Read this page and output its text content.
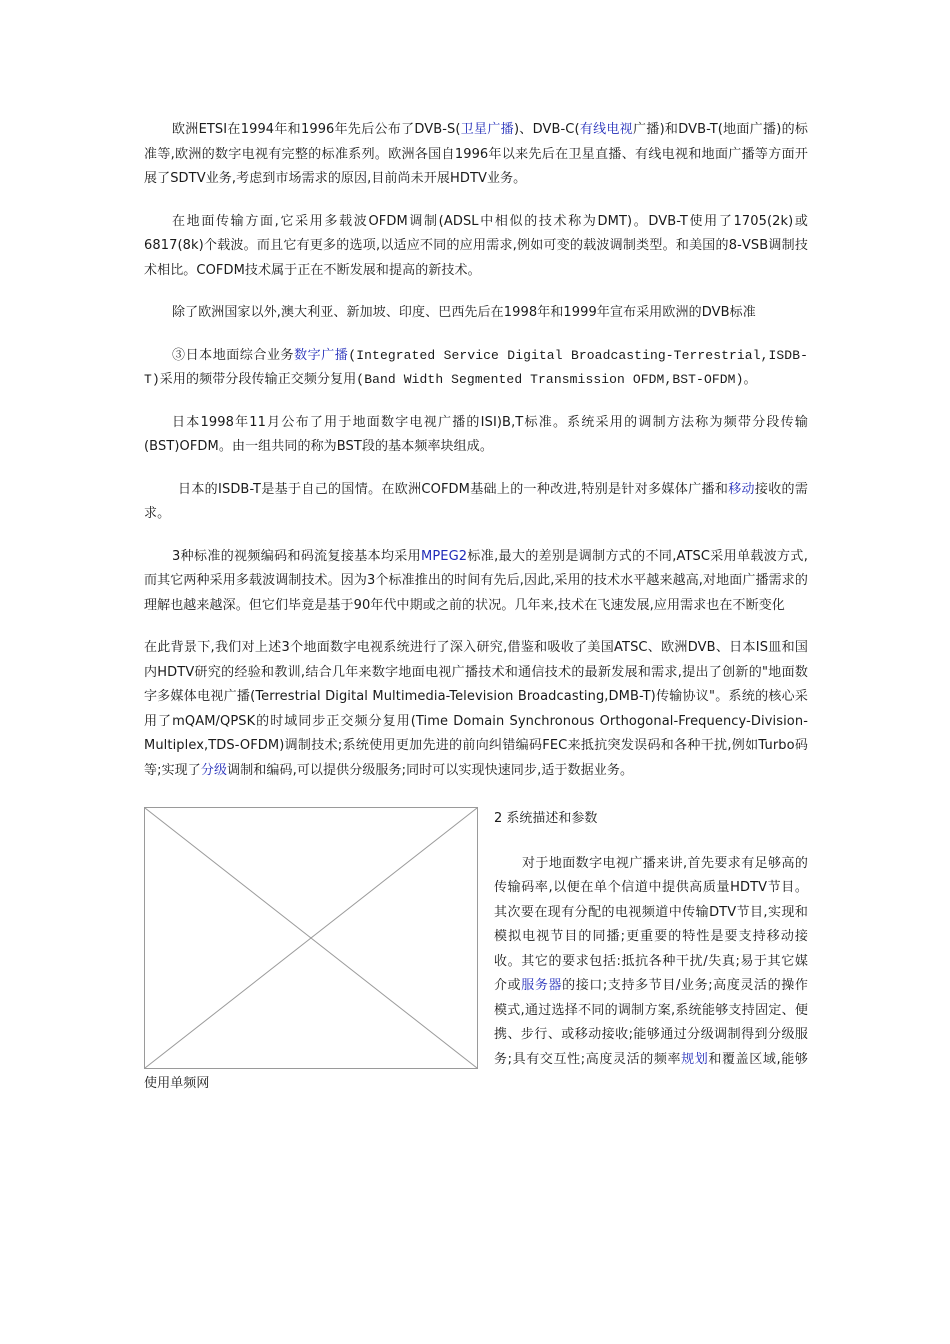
欧洲ETSI在1994年和1996年先后公布了DVB-S(卫星广播)、DVB-C(有线电视广播)和DVB-T(地面广播)的标准等,欧洲的数字电视有完整的标准系列。欧洲各国自1996年以来先后在卫星直播、有线电视和地面广播等方面开展了SDTV业务,考虑到市场需求的原因,目前尚未开展HDTV业务。

在地面传输方面,它采用多载波OFDM调制(ADSL中相似的技术称为DMT)。DVB-T使用了1705(2k)或6817(8k)个载波。而且它有更多的选项,以适应不同的应用需求,例如可变的载波调制类型。和美国的8-VSB调制技术相比。COFDM技术属于正在不断发展和提高的新技术。

除了欧洲国家以外,澳大利亚、新加坡、印度、巴西先后在1998年和1999年宣布采用欧洲的DVB标准

③日本地面综合业务数字广播(Integrated Service Digital Broadcasting-Terrestrial,ISDB-T)采用的频带分段传输正交频分复用(Band Width Segmented Transmission OFDM,BST-OFDM)。

日本1998年11月公布了用于地面数字电视广播的ISI)B,T标准。系统采用的调制方法称为频带分段传输(BST)OFDM。由一组共同的称为BST段的基本频率块组成。

日本的ISDB-T是基于自己的国情。在欧洲COFDM基础上的一种改进,特别是针对多媒体广播和移动接收的需求。

3种标准的视频编码和码流复接基本均采用MPEG2标准,最大的差别是调制方式的不同,ATSC采用单载波方式,而其它两种采用多载波调制技术。因为3个标准推出的时间有先后,因此,采用的技术水平越来越高,对地面广播需求的理解也越来越深。但它们毕竟是基于90年代中期或之前的状况。几年来,技术在飞速发展,应用需求也在不断变化

在此背景下,我们对上述3个地面数字电视系统进行了深入研究,借鉴和吸收了美国ATSC、欧洲DVB、日本IS皿和国内HDTV研究的经验和教训,结合几年来数字地面电视广播技术和通信技术的最新发展和需求,提出了创新的"地面数字多媒体电视广播(Terrestrial Digital Multimedia-Television Broadcasting,DMB-T)传输协议"。系统的核心采用了mQAM/QPSK的时域同步正交频分复用(Time Domain Synchronous Orthogonal-Frequency-Division-Multiplex,TDS-OFDM)调制技术;系统使用更加先进的前向纠错编码FEC来抵抗突发误码和各种干扰,例如Turbo码等;实现了分级调制和编码,可以提供分级服务;同时可以实现快速同步,适于数据业务。

2 系统描述和参数

对于地面数字电视广播来讲,首先要求有足够高的传输码率,以便在单个信道中提供高质量HDTV节目。其次要在现有分配的电视频道中传输DTV节目,实现和模拟电视节目的同播;更重要的特性是要支持移动接收。其它的要求包括:抵抗各种干扰/失真;易于其它媒介或服务器的接口;支持多节目/业务;高度灵活的操作模式,通过选择不同的调制方案,系统能够支持固定、便携、步行、或移动接收;能够通过分级调制得到分级服务;具有交互性;高度灵活的频率规划和覆盖区域,能够使用单频网
